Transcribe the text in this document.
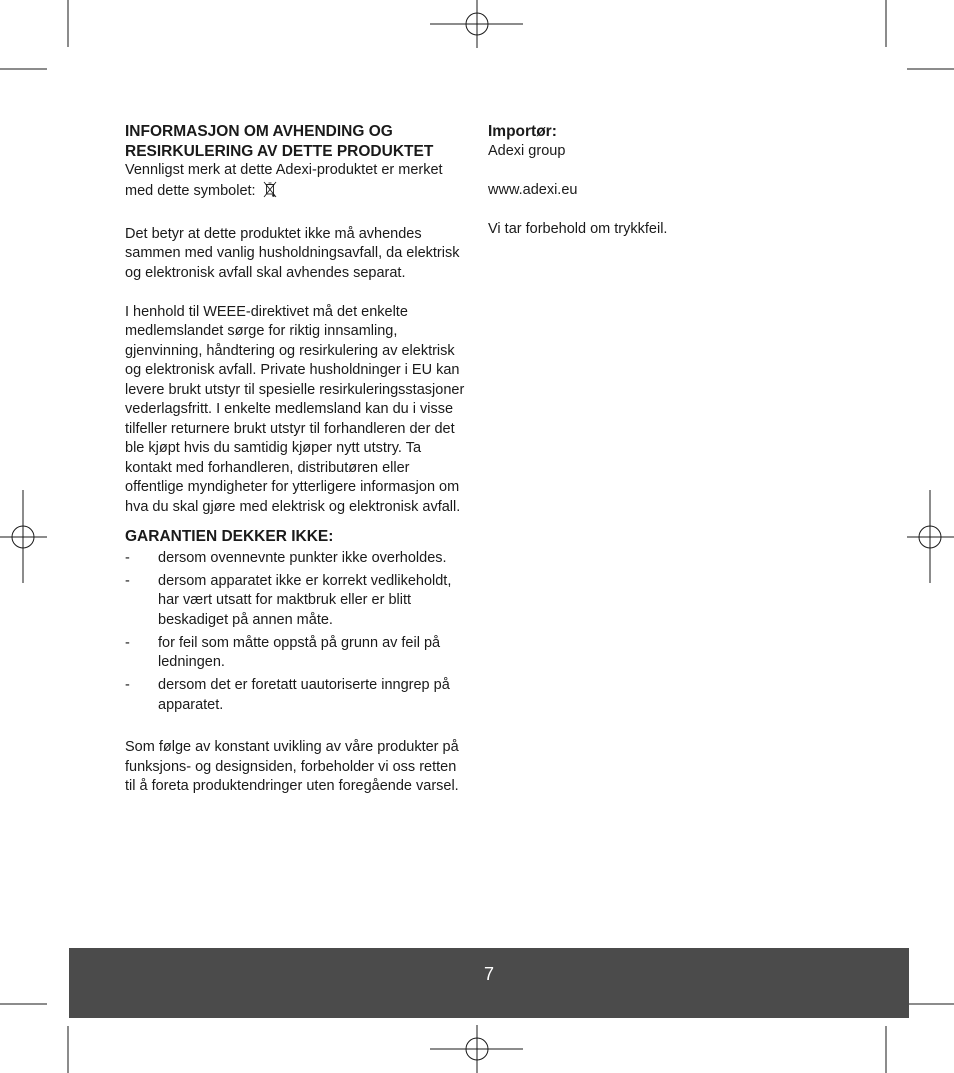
INFORMASJON OM AVHENDING OG RESIRKULERING AV DETTE PRODUKTET

Vennligst merk at dette Adexi-produktet er merket med dette symbolet:

Det betyr at dette produktet ikke må avhendes sammen med vanlig husholdningsavfall, da elektrisk og elektronisk avfall skal avhendes separat.

I henhold til WEEE-direktivet må det enkelte medlemslandet sørge for riktig innsamling, gjenvinning, håndtering og resirkulering av elektrisk og elektronisk avfall. Private husholdninger i EU kan levere brukt utstyr til spesielle resirkuleringsstasjoner vederlagsfritt. I enkelte medlemsland kan du i visse tilfeller returnere brukt utstyr til forhandleren der det ble kjøpt hvis du samtidig kjøper nytt utstry. Ta kontakt med forhandleren, distributøren eller offentlige myndigheter for ytterligere informasjon om hva du skal gjøre med elektrisk og elektronisk avfall.

GARANTIEN DEKKER IKKE:

- dersom ovennevnte punkter ikke overholdes.
- dersom apparatet ikke er korrekt vedlikeholdt, har vært utsatt for maktbruk eller er blitt beskadiget på annen måte.
- for feil som måtte oppstå på grunn av feil på ledningen.
- dersom det er foretatt uautoriserte inngrep på apparatet.

Som følge av konstant uvikling av våre produkter på funksjons- og designsiden, forbeholder vi oss retten til å foreta produktendringer uten foregående varsel.

Importør:

Adexi group

www.adexi.eu

Vi tar forbehold om trykkfeil.

7
